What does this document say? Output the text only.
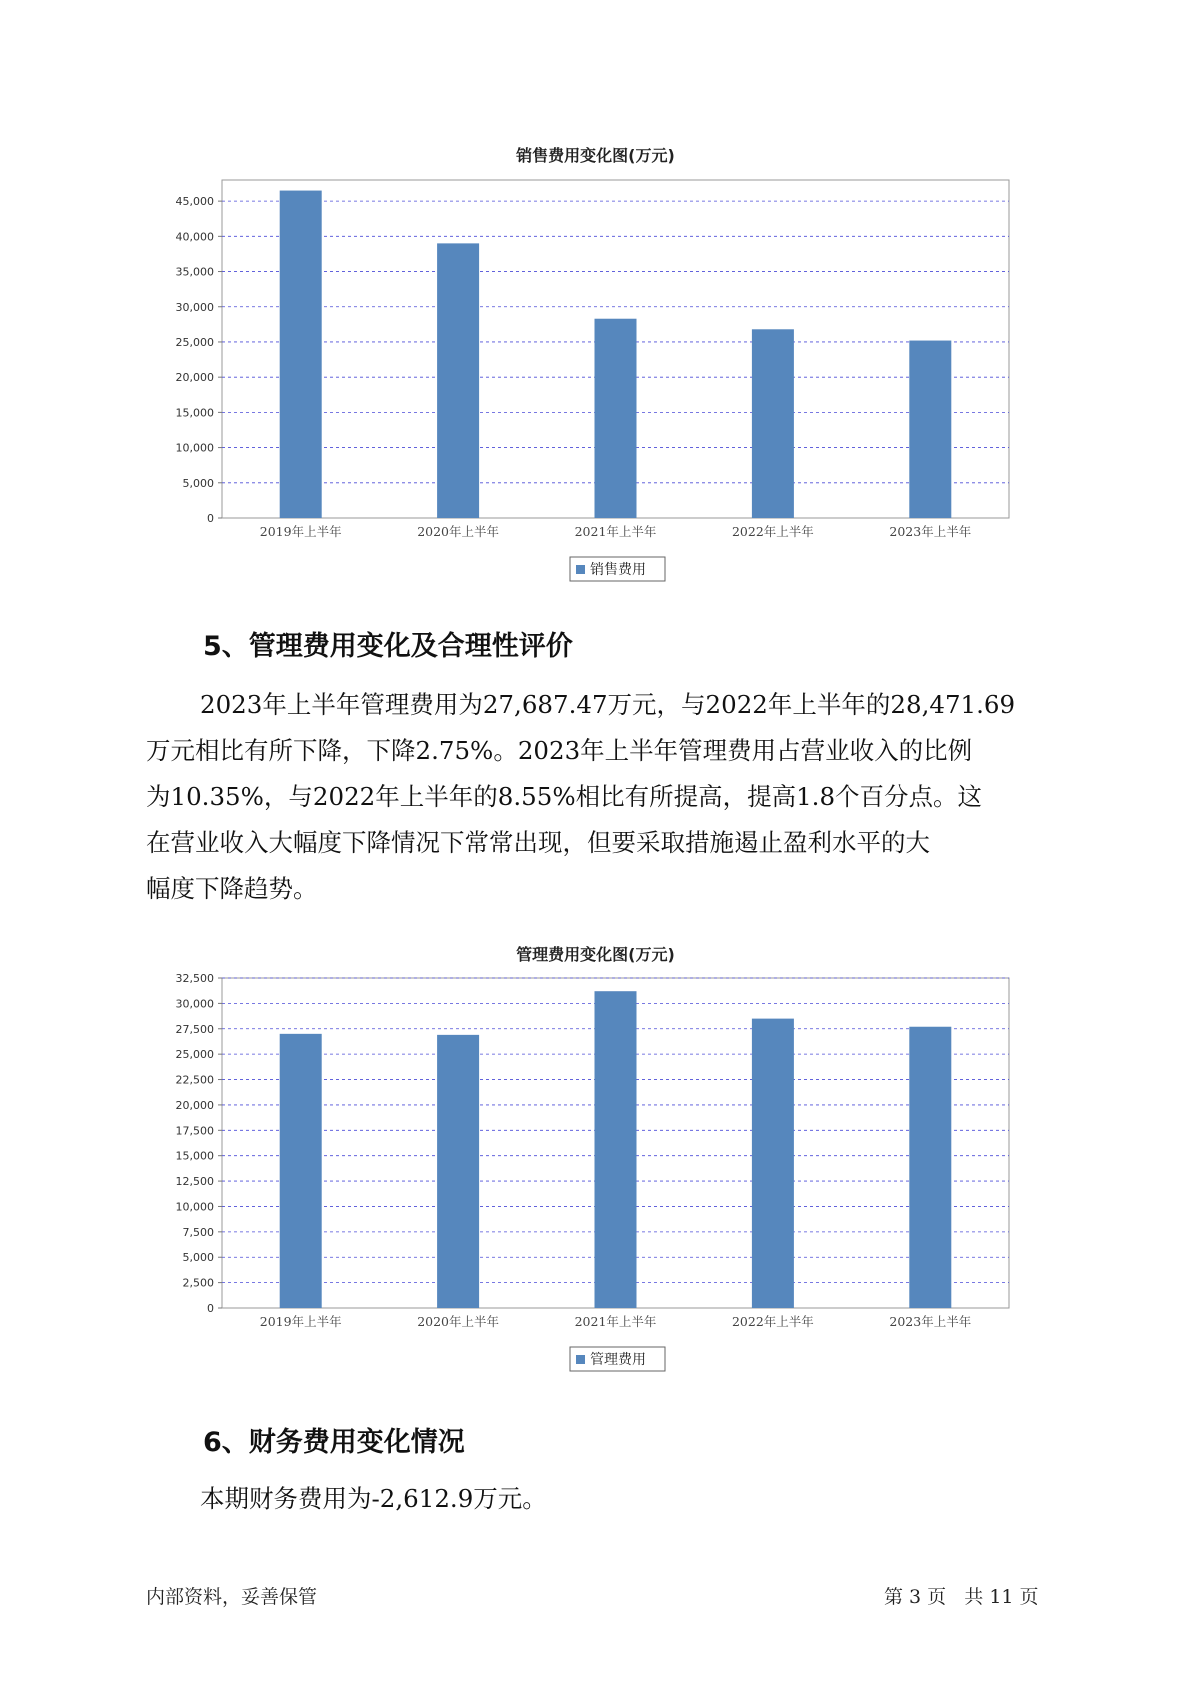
销售费用变化图(万元)
0
5,000
10,000
15,000
20,000
25,000
30,000
35,000
40,000
45,000
2019年上半年	2020年上半年	2021年上半年	2022年上半年	2023年上半年
销售费用
5、管理费用变化及合理性评价
2023年上半年管理费用为27,687.47万元，与2022年上半年的28,471.69
万元相比有所下降，下降2.75%。2023年上半年管理费用占营业收入的比例
为10.35%，与2022年上半年的8.55%相比有所提高，提高1.8个百分点。这
在营业收入大幅度下降情况下常常出现，但要采取措施遏止盈利水平的大
幅度下降趋势。
管理费用变化图(万元)
0
2,500
5,000
7,500
10,000
12,500
15,000
17,500
20,000
22,500
25,000
27,500
30,000
32,500
2019年上半年	2020年上半年	2021年上半年	2022年上半年	2023年上半年
管理费用
6、财务费用变化情况

本期财务费用为-2,612.9万元。

内部资料，妥善保管	第 3 页   共 11 页
